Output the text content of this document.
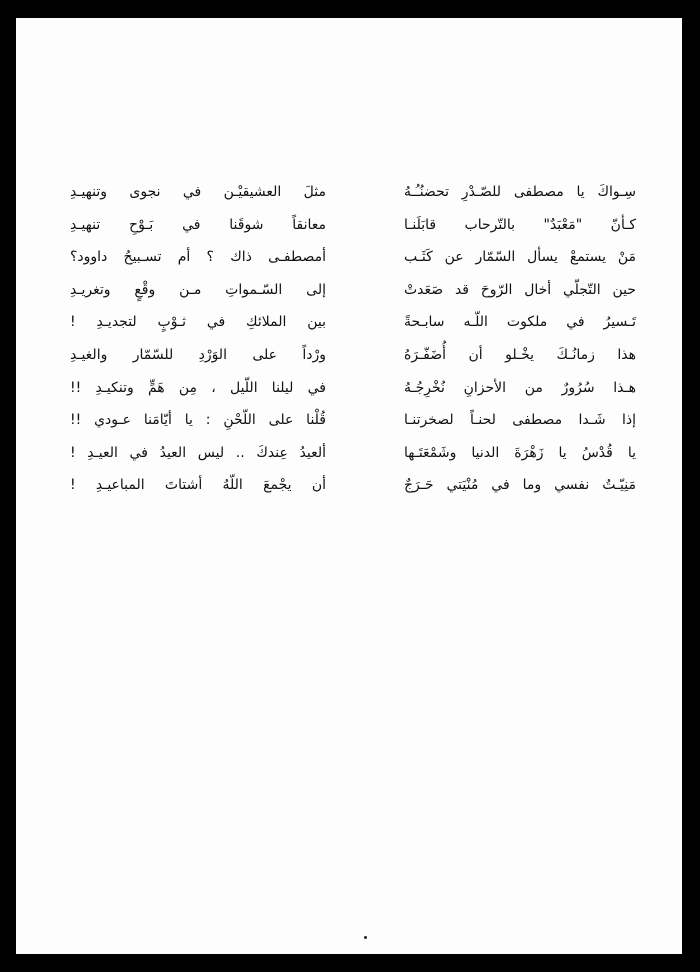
سِـواكَ يا مصطفى للصّـدْرِ تحضنُـُـهُ
كـأنّ "مَعْبَدٌ" بالتّرحاب قابَلَنـا
مَنْ يستمعْ يسأل السّمّار عن كَثَـب
حين التّجلّي أخال الرّوحَ قد صَعَدتْ
تَـسيرُ في ملكوت اللّـه سابـحةً
هذا زمانُـكَ يخْـلو أن أُضَفّـرَهُ
هـذا سُرُورٌ من الأحزانِ نُخْرِجُـهُ
إذا شَـدا مصطفى لحنـاً لصخرتنـا
يا قُدْسُ يا زَهْرَةَ الدنيا وشَمْعَتَـها
مَنِيّـتُ نفسي وما في مُنْيَتي حَـرَجٌ
مثلَ العشيقيْـن في نجوى وتنهيـدِ
معانقاً شوقَنا في بَـوْحِ تنهيـدِ
أمصطفـى ذاك ؟ أم تسـبيحُ داوود؟
إلى السّـمواتِ مـن وقْعٍ وتغريـدِ
بين الملائكِ في ثـوْبٍ لتجديـدِ !
ورْداً على الوَرْدِ للسّمّار والغيـدِ
في ليلنا اللّيل ، مِن هَمٍّ وتنكيـدِ !!
قُلْنا على اللّحْنِ : يا أيّامَنا عـودي !!
ألعيدُ عِندكَ .. ليس العيدُ في العيـدِ !
أن يجْمعَ اللّهُ أشتاتَ المباعيـدِ !
